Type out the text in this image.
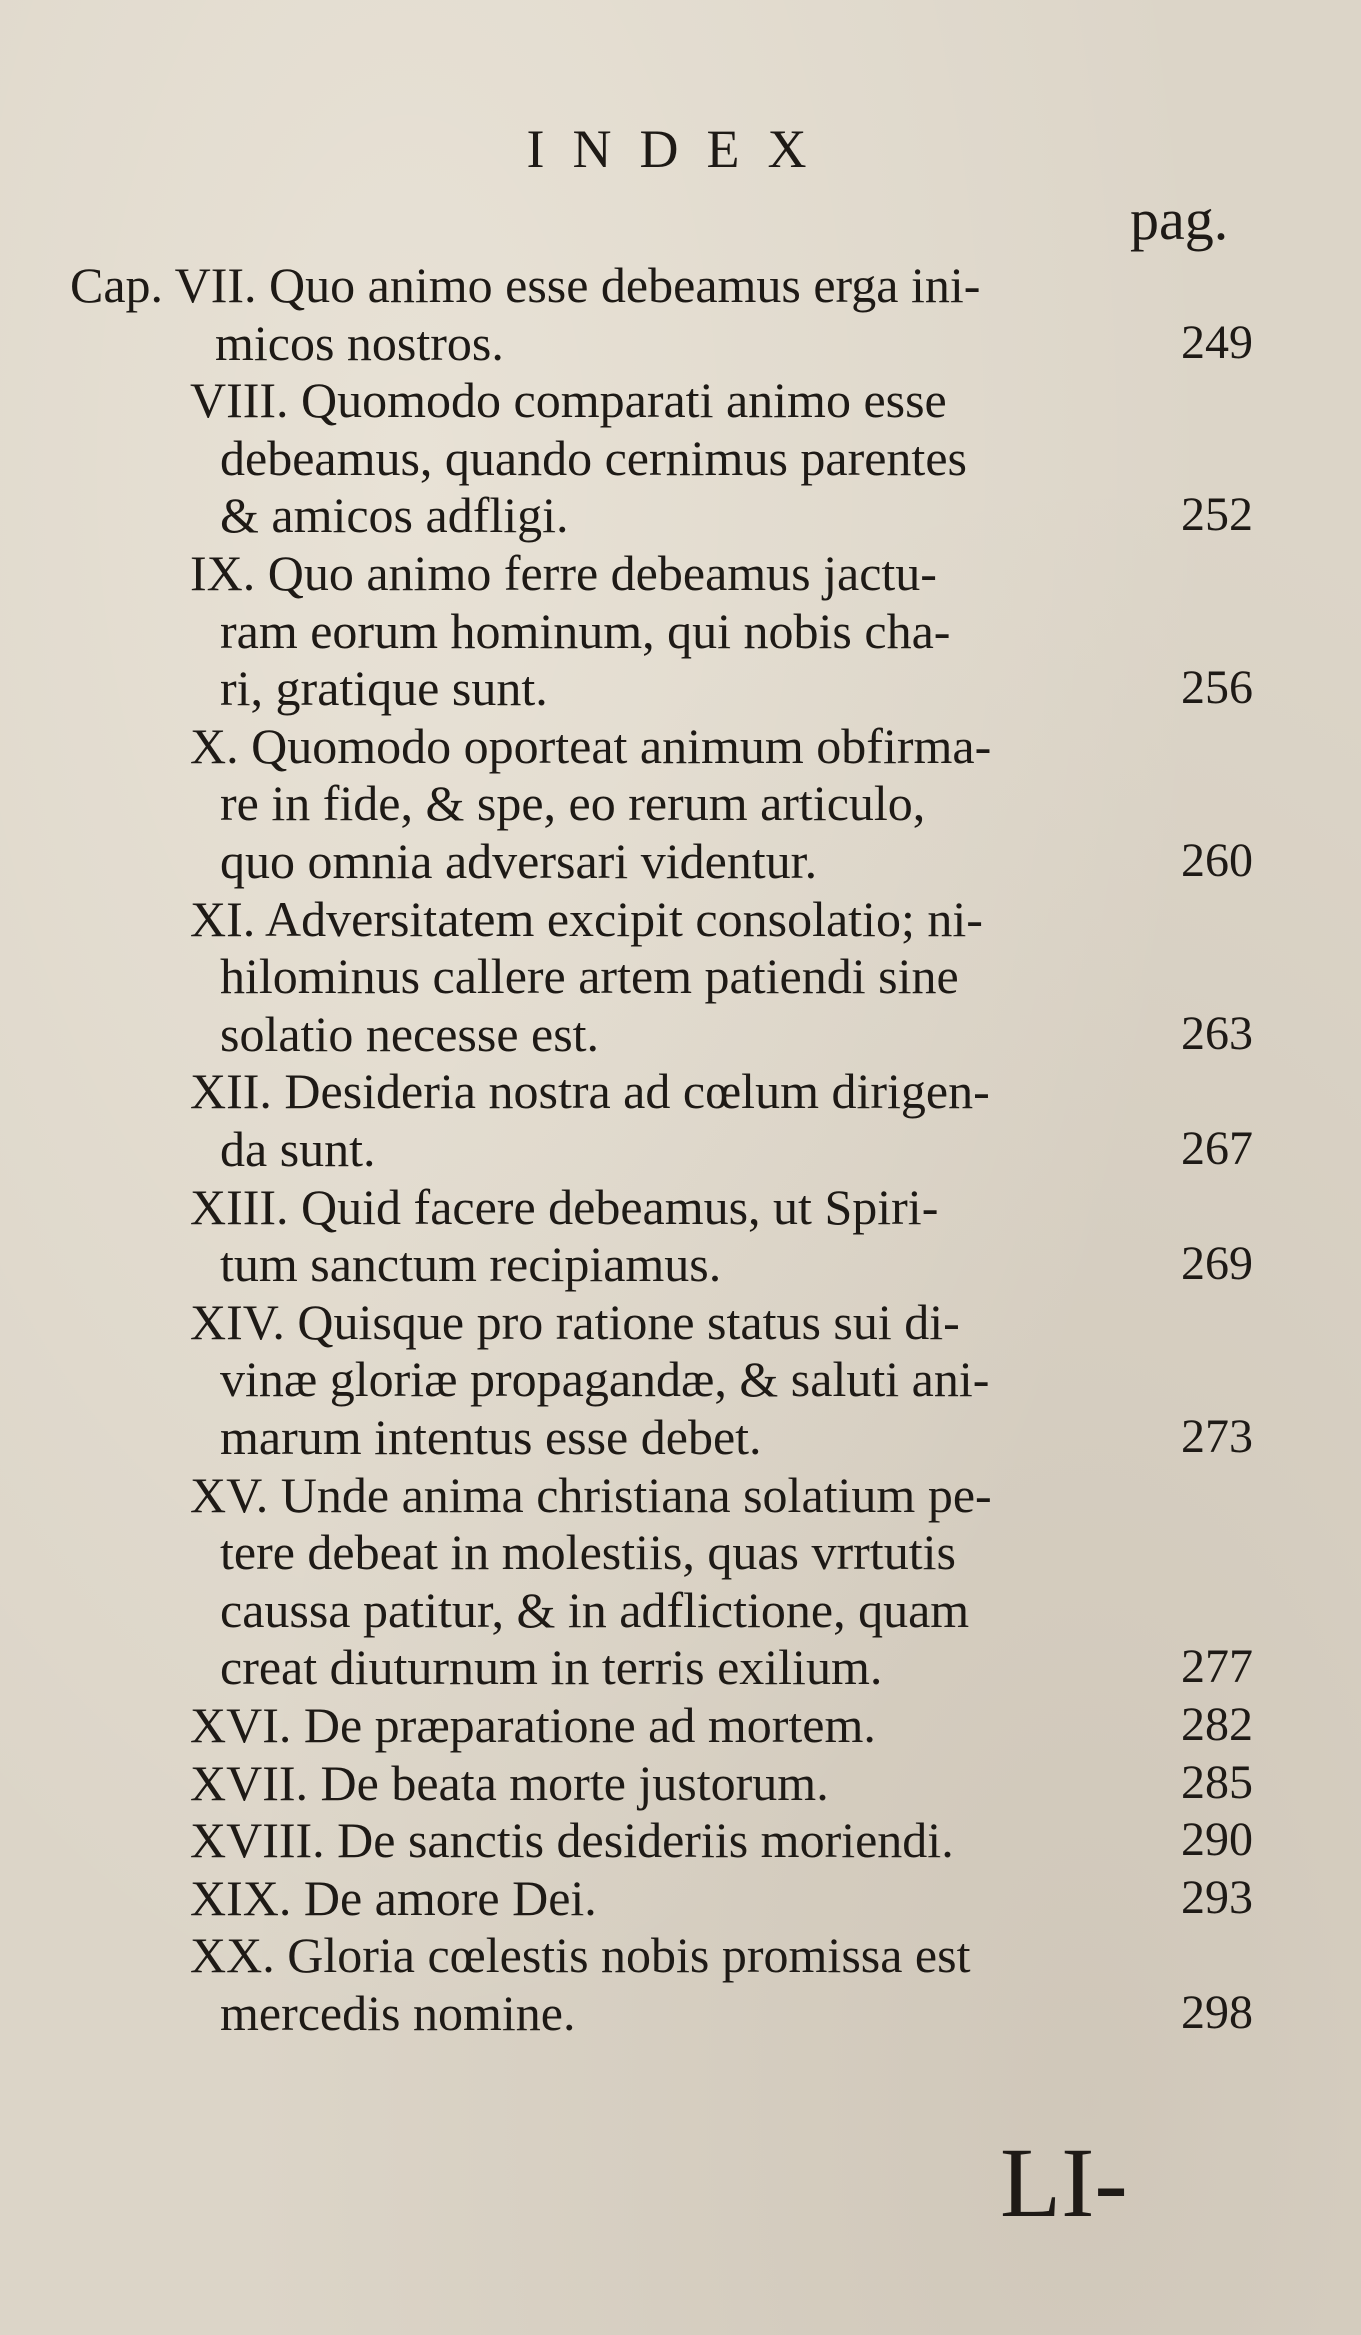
INDEX
pag.
Cap. VII. Quo animo esse debeamus erga ini-
micos nostros.	249
VIII. Quomodo comparati animo esse
debeamus, quando cernimus parentes
& amicos adfligi.	252
IX. Quo animo ferre debeamus jactu-
ram eorum hominum, qui nobis cha-
ri, gratique sunt.	256
X. Quomodo oporteat animum obfirma-
re in fide, & spe, eo rerum articulo,
quo omnia adversari videntur.	260
XI. Adversitatem excipit consolatio; ni-
hilominus callere artem patiendi sine
solatio necesse est.	263
XII. Desideria nostra ad cœlum dirigen-
da sunt.	267
XIII. Quid facere debeamus, ut Spiri-
tum sanctum recipiamus.	269
XIV. Quisque pro ratione status sui di-
vinæ gloriæ propagandæ, & saluti ani-
marum intentus esse debet.	273
XV. Unde anima christiana solatium pe-
tere debeat in molestiis, quas vrrtutis
caussa patitur, & in adflictione, quam
creat diuturnum in terris exilium.	277
XVI. De præparatione ad mortem.	282
XVII. De beata morte justorum.	285
XVIII. De sanctis desideriis moriendi.	290
XIX. De amore Dei.	293
XX. Gloria cœlestis nobis promissa est
mercedis nomine.	298
LI-
